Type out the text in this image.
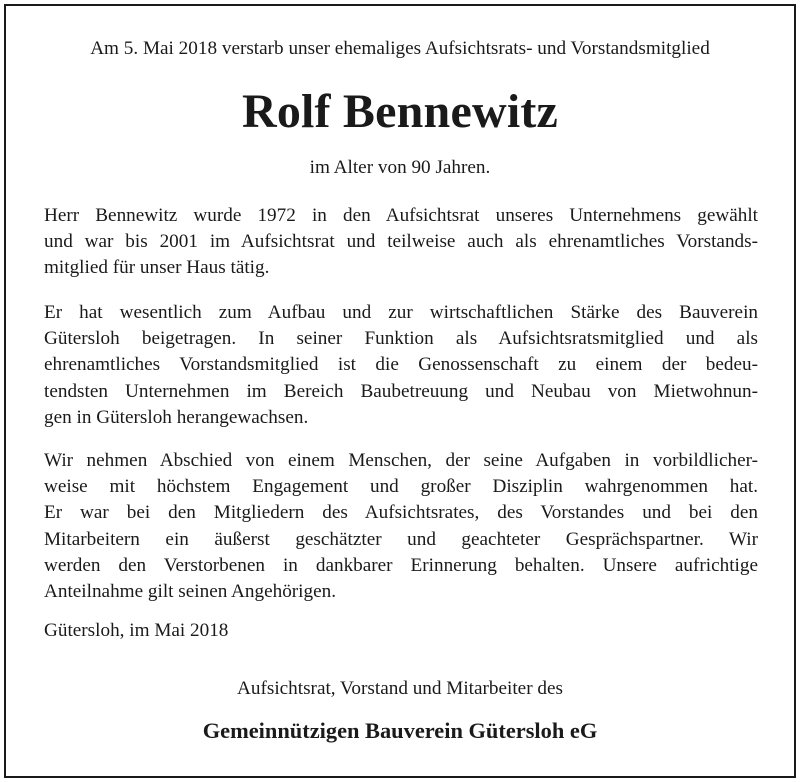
Am 5. Mai 2018 verstarb unser ehemaliges Aufsichtsrats- und Vorstandsmitglied
Rolf Bennewitz
im Alter von 90 Jahren.
Herr Bennewitz wurde 1972 in den Aufsichtsrat unseres Unternehmens gewählt
und war bis 2001 im Aufsichtsrat und teilweise auch als ehrenamtliches Vorstands-
mitglied für unser Haus tätig.
Er hat wesentlich zum Aufbau und zur wirtschaftlichen Stärke des Bauverein
Gütersloh beigetragen. In seiner Funktion als Aufsichtsratsmitglied und als
ehrenamtliches Vorstandsmitglied ist die Genossenschaft zu einem der bedeu-
tendsten Unternehmen im Bereich Baubetreuung und Neubau von Mietwohnun-
gen in Gütersloh herangewachsen.
Wir nehmen Abschied von einem Menschen, der seine Aufgaben in vorbildlicher-
weise mit höchstem Engagement und großer Disziplin wahrgenommen hat.
Er war bei den Mitgliedern des Aufsichtsrates, des Vorstandes und bei den
Mitarbeitern ein äußerst geschätzter und geachteter Gesprächspartner. Wir
werden den Verstorbenen in dankbarer Erinnerung behalten. Unsere aufrichtige
Anteilnahme gilt seinen Angehörigen.
Gütersloh, im Mai 2018
Aufsichtsrat, Vorstand und Mitarbeiter des
Gemeinnützigen Bauverein Gütersloh eG
